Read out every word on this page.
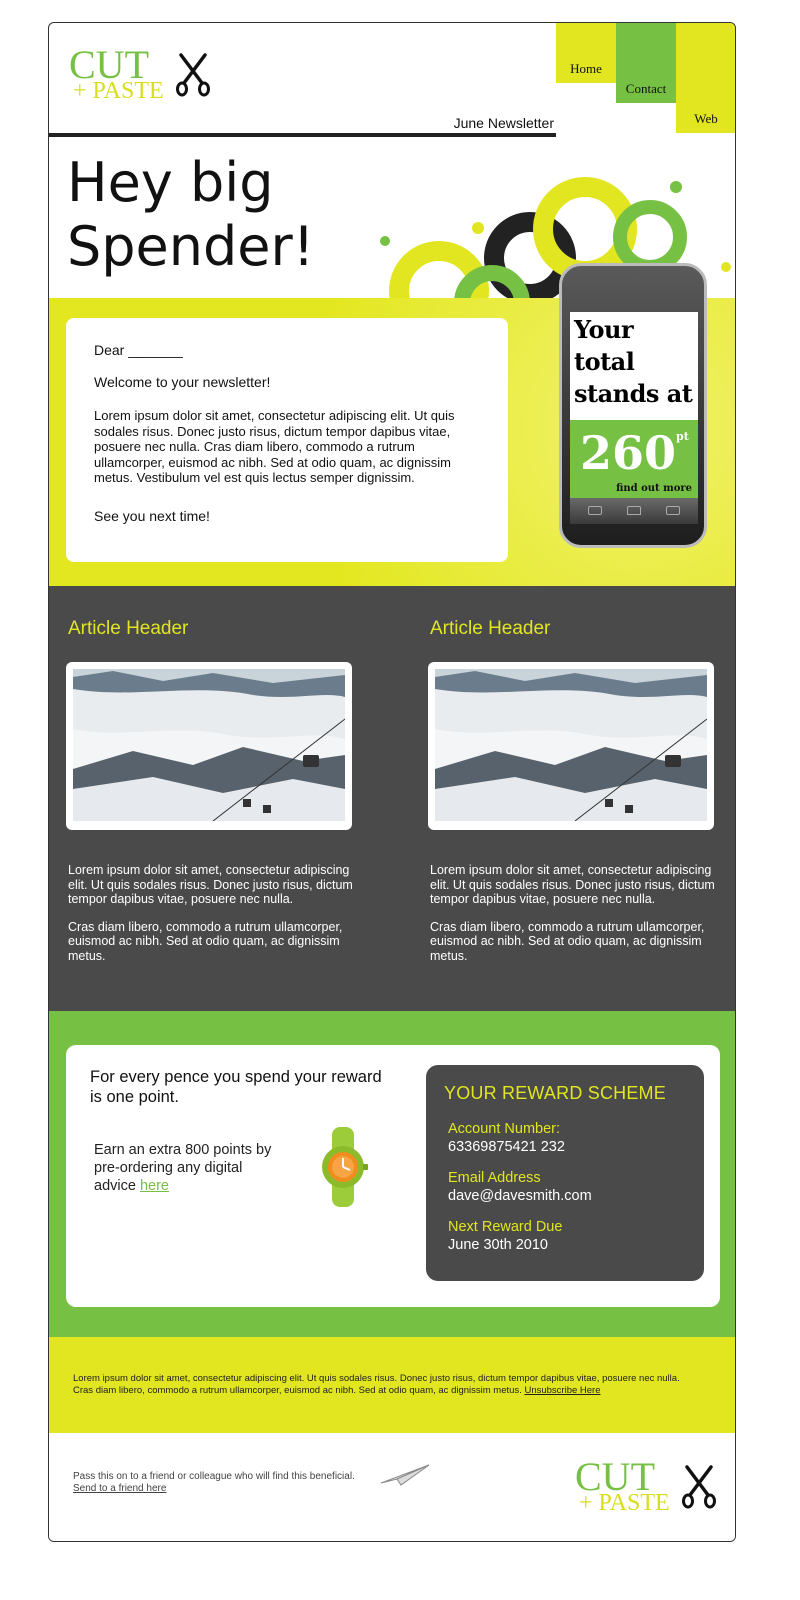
CUT
+ PASTE
Home
Contact
Web
June Newsletter
Hey big
Spender!

Dear _______

Welcome to your newsletter!

Lorem ipsum dolor sit amet, consectetur adipiscing elit. Ut quis sodales risus. Donec justo risus, dictum tempor dapibus vitae, posuere nec nulla. Cras diam libero, commodo a rutrum ullamcorper, euismod ac nibh. Sed at odio quam, ac dignissim metus. Vestibulum vel est quis lectus semper dignissim.

See you next time!

Your
total
stands at
260 pt
find out more
Article Header

Lorem ipsum dolor sit amet, consectetur adipiscing elit. Ut quis sodales risus. Donec justo risus, dictum tempor dapibus vitae, posuere nec nulla.

Cras diam libero, commodo a rutrum ullamcorper, euismod ac nibh. Sed at odio quam, ac dignissim metus.

Article Header

Lorem ipsum dolor sit amet, consectetur adipiscing elit. Ut quis sodales risus. Donec justo risus, dictum tempor dapibus vitae, posuere nec nulla.

Cras diam libero, commodo a rutrum ullamcorper, euismod ac nibh. Sed at odio quam, ac dignissim metus.

For every pence you spend your reward is one point.
Earn an extra 800 points by pre-ordering any digital advice here
YOUR REWARD SCHEME
Account Number:
63369875421 232
Email Address
dave@davesmith.com
Next Reward Due
June 30th 2010
Lorem ipsum dolor sit amet, consectetur adipiscing elit. Ut quis sodales risus. Donec justo risus, dictum tempor dapibus vitae, posuere nec nulla. Cras diam libero, commodo a rutrum ullamcorper, euismod ac nibh. Sed at odio quam, ac dignissim metus. Unsubscribe Here
Pass this on to a friend or colleague who will find this beneficial.
Send to a friend here	CUT
+ PASTE
